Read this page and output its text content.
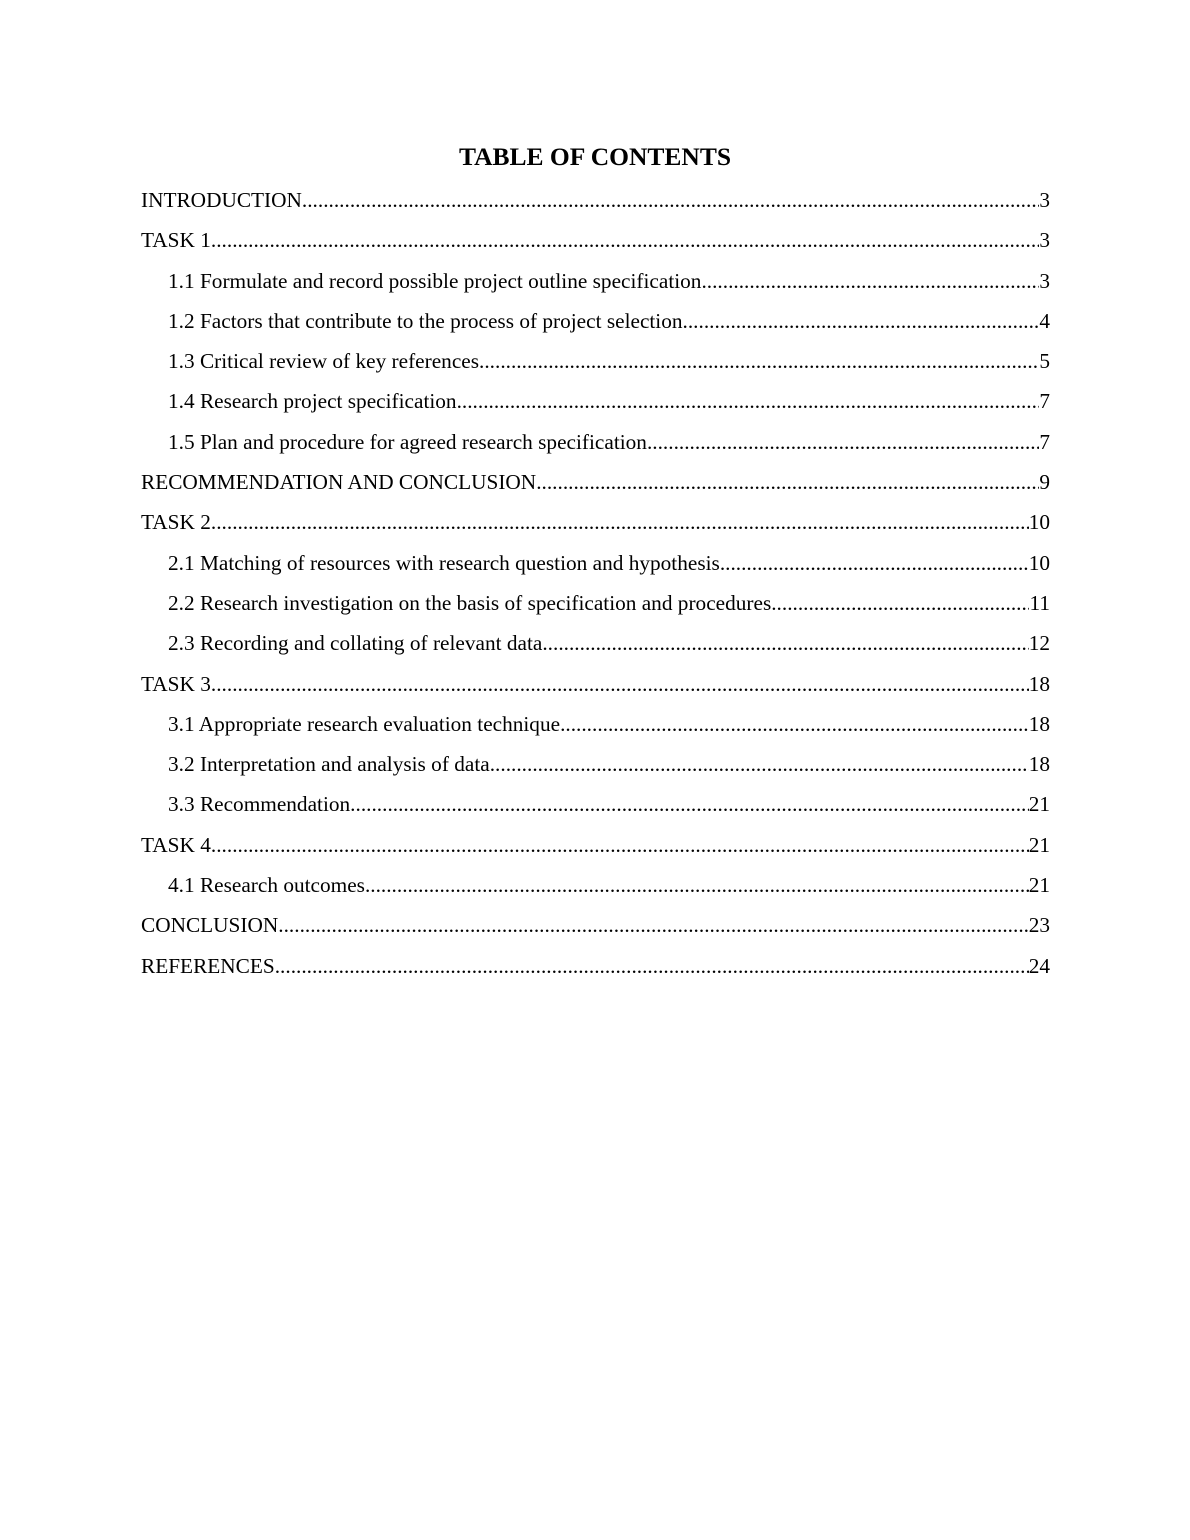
TABLE OF CONTENTS
INTRODUCTION .....	3
TASK 1 .....	3
1.1 Formulate and record possible project outline specification .....	3
1.2 Factors that contribute to the process of project selection .....	4
1.3 Critical review of key references .....	5
1.4 Research project specification .....	7
1.5 Plan and procedure for agreed research specification .....	7
RECOMMENDATION AND CONCLUSION .....	9
TASK 2 .....	10
2.1 Matching of resources with research question and hypothesis .....	10
2.2 Research investigation on the basis of specification and procedures .....	11
2.3 Recording and collating of relevant data .....	12
TASK 3 .....	18
3.1 Appropriate research evaluation technique .....	18
3.2 Interpretation and analysis of data .....	18
3.3 Recommendation .....	21
TASK 4 .....	21
4.1 Research outcomes .....	21
CONCLUSION .....	23
REFERENCES .....	24
